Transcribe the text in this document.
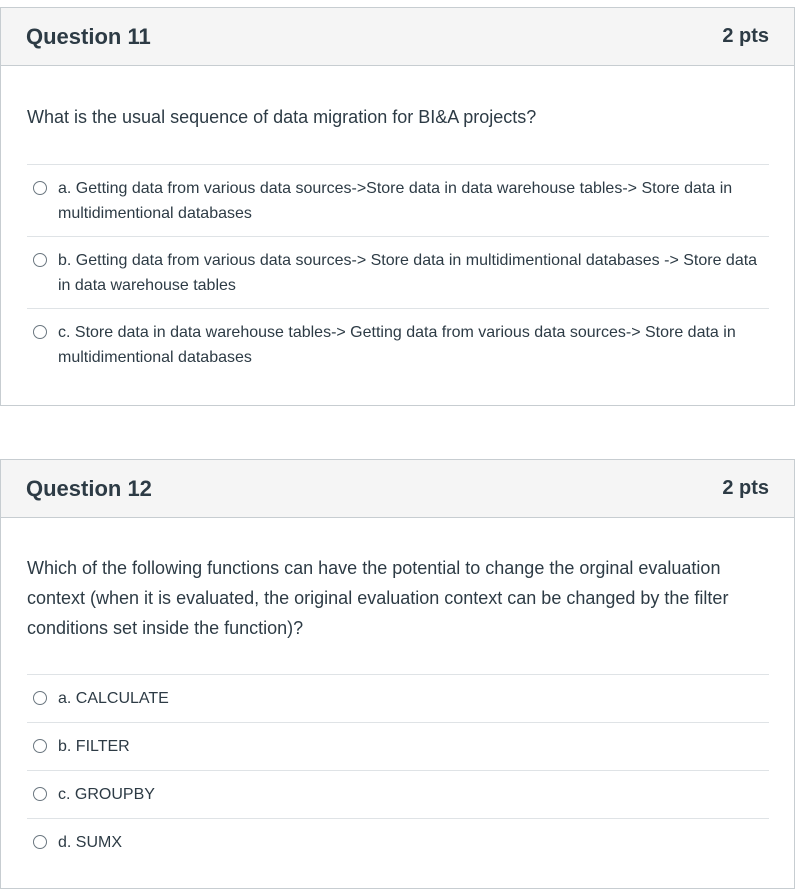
Question 11	2 pts
What is the usual sequence of data migration for BI&A projects?
a. Getting data from various data sources->Store data in data warehouse tables-> Store data in multidimentional databases
b. Getting data from various data sources-> Store data in multidimentional databases -> Store data in data warehouse tables
c. Store data in data warehouse tables-> Getting data from various data sources-> Store data in multidimentional databases
Question 12	2 pts
Which of the following functions can have the potential to change the orginal evaluation context (when it is evaluated, the original evaluation context can be changed by the filter conditions set inside the function)?
a. CALCULATE
b. FILTER
c. GROUPBY
d. SUMX
